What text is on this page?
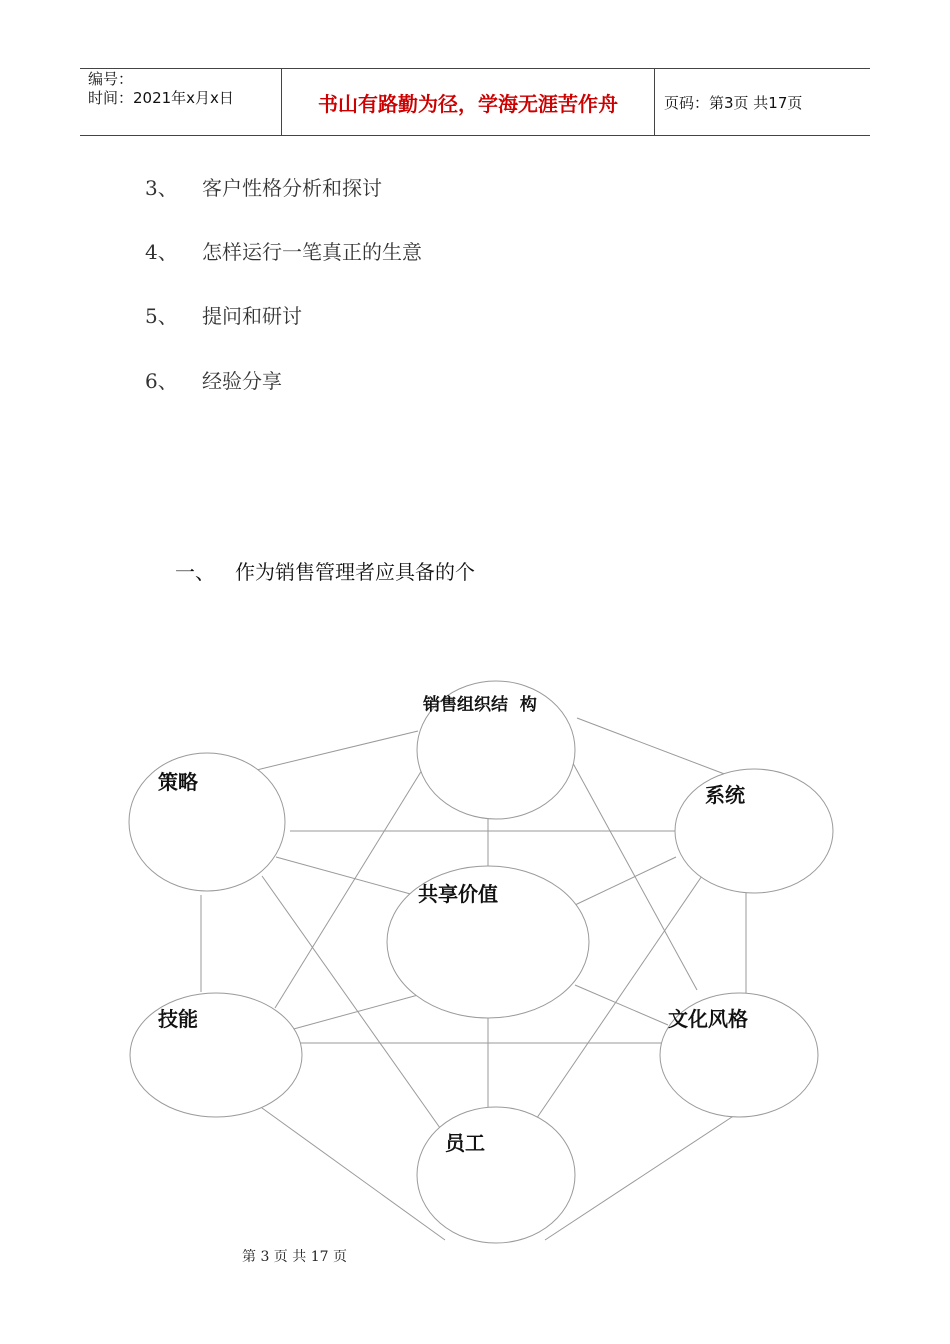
编号：
时间：2021年x月x日	书山有路勤为径，学海无涯苦作舟	页码：第3页 共17页
3、	客户性格分析和探讨
4、	怎样运行一笔真正的生意
5、	提问和研讨
6、	经验分享
一、	作为销售管理者应具备的个
销售组织结  构
策略
系统
共享价值
技能	文化风格
员工
第 3 页 共 17 页
